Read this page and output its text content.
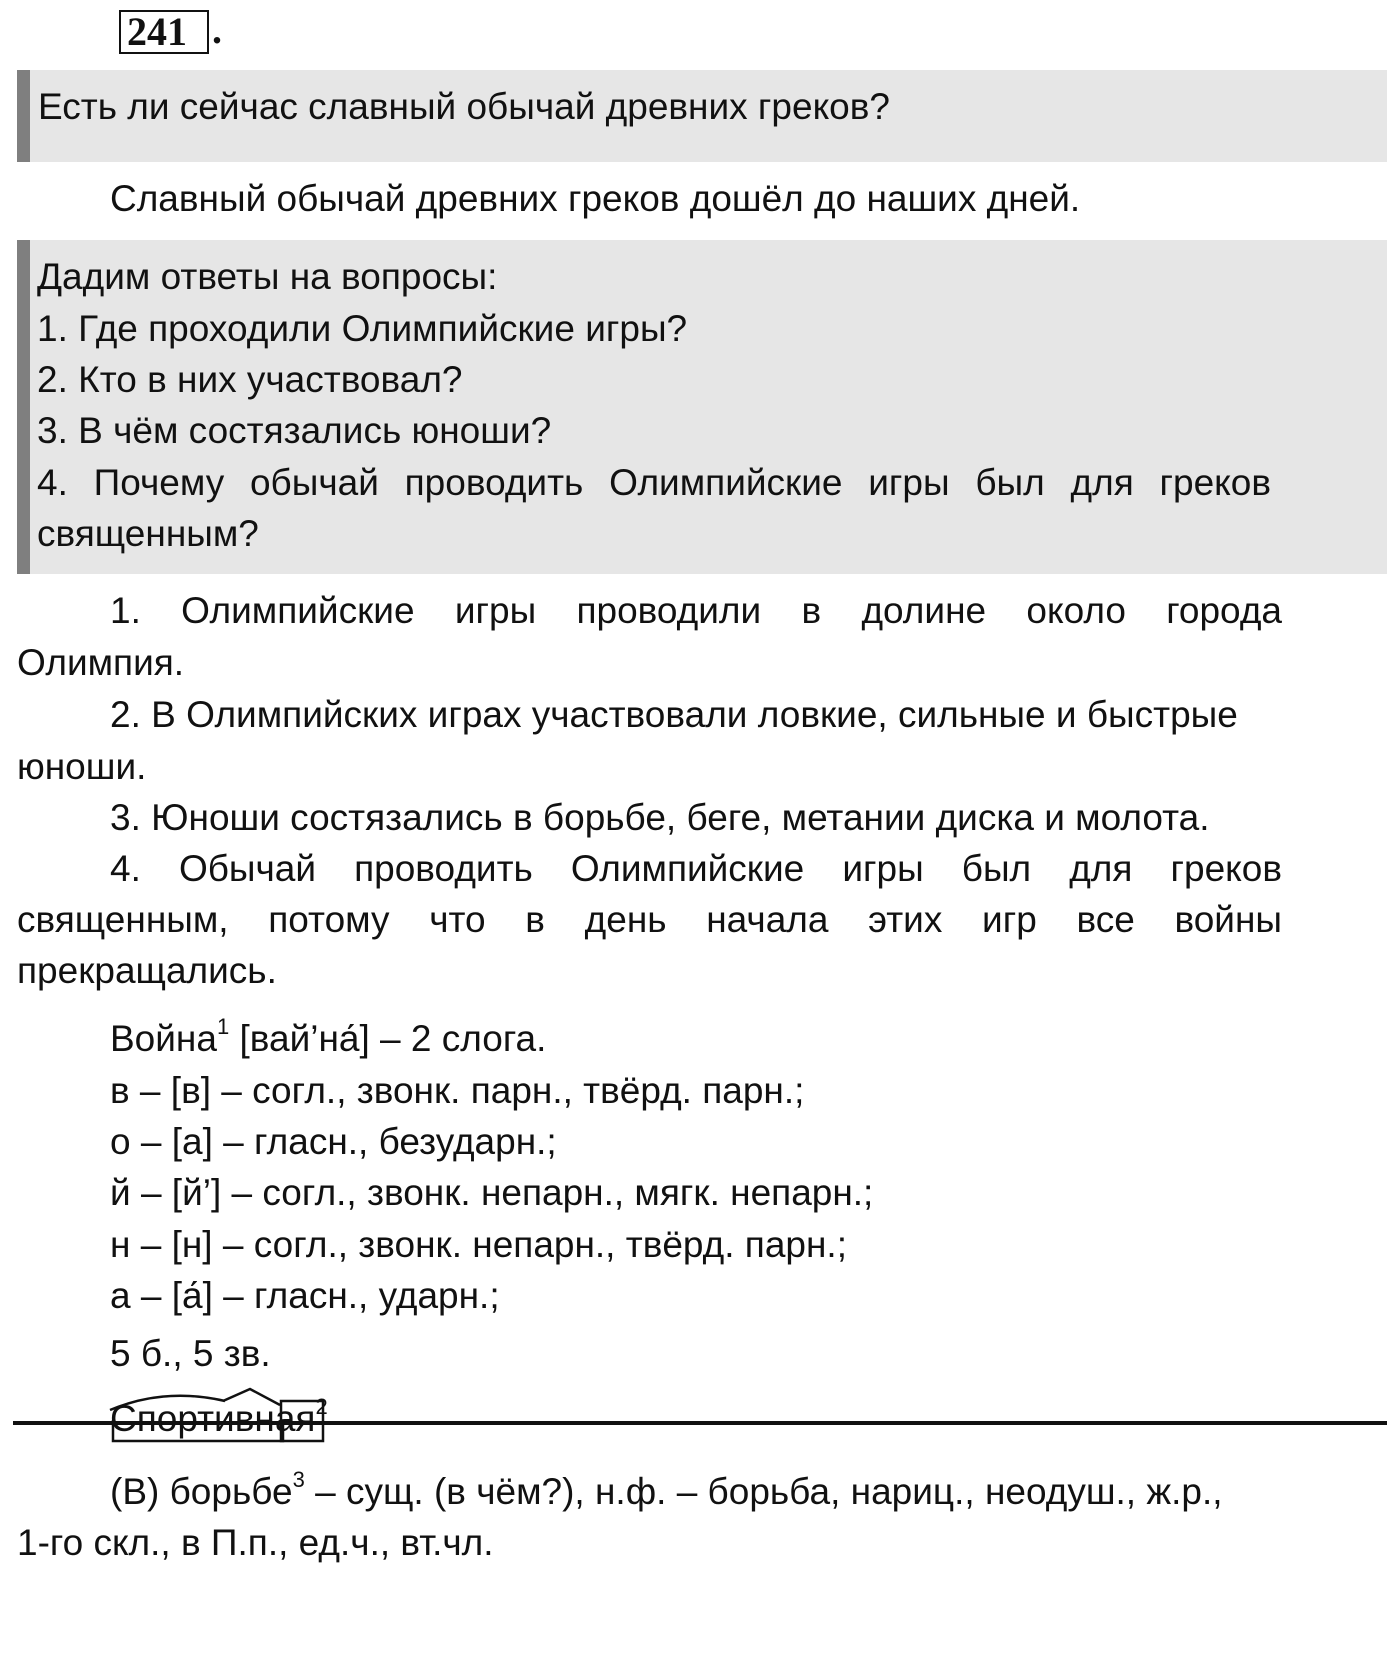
241 .
Есть ли сейчас славный обычай древних греков?
Славный обычай древних греков дошёл до наших дней.
Дадим ответы на вопросы:
1. Где проходили Олимпийские игры?
2. Кто в них участвовал?
3. В чём состязались юноши?
4. Почему обычай проводить Олимпийские игры был для греков
священным?
1. Олимпийские игры проводили в долине около города
Олимпия.
2. В Олимпийских играх участвовали ловкие, сильные и быстрые
юноши.
3. Юноши состязались в борьбе, беге, метании диска и молота.
4. Обычай проводить Олимпийские игры был для греков
священным, потому что в день начала этих игр все войны
прекращались.
Война$^1$ [вай’на́] – 2 слога.
в – [в] – согл., звонк. парн., твёрд. парн.;
о – [а] – гласн., безударн.;
й – [й’] – согл., звонк. непарн., мягк. непарн.;
н – [н] – согл., звонк. непарн., твёрд. парн.;
а – [а́] – гласн., ударн.;
5 б., 5 зв.
Спортивная$^2$
(В) борьбе$^3$ – сущ. (в чём?), н.ф. – борьба, нариц., неодуш., ж.р.,
1-го скл., в П.п., ед.ч., вт.чл.
